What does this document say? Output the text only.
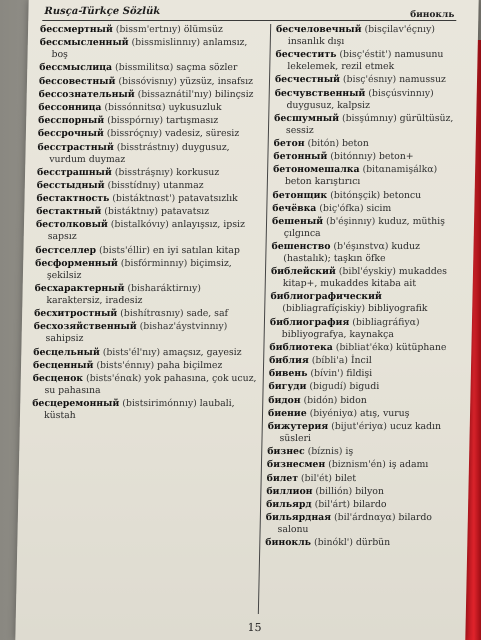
Rusça-Türkçe Sözlük	бинокль
бессмертный (bissm'ertnıy) ölümsüz
бессмысленный (bissmislinnıy) anlamsız, boş
бессмыслица (bissmilitsα) saçma sözler
бессовестный (bissóvisnıy) yüzsüz, insafsız
бессознательный (bissaznátil'nıy) bilinçsiz
бессонница (bissónnitsα) uykusuzluk
бесспорный (bisspórnıy) tartışmasız
бессрочный (bissróçnıy) vadesiz, süresiz
бесстрастный (bisstrástnıy) duygusuz, vurdum duymaz
бесстрашный (bisstráşnıy) korkusuz
бесстыдный (bisstídnıy) utanmaz
бестактность (bistáktnαst') patavatsızlık
бестактный (bistáktnıy) patavatsız
бестолковый (bistalkóvıy) anlayışsız, ipsiz sapsız
бестселлер (bists'éllir) en iyi satılan kitap
бесформенный (bisfórminnıy) biçimsiz, şekilsiz
бесхарактерный (bisharáktirnıy) karaktersiz, iradesiz
бесхитростный (bishítrαsnıy) sade, saf
бесхозяйственный (bishaz'áystvinnıy) sahipsiz
бесцельный (bists'él'nıy) amaçsız, gayesiz
бесценный (bists'énnıy) paha biçilmez
бесценок (bists'énαk) yok pahasına, çok ucuz, su pahasına
бесцеремонный (bistsirimónnıy) laubali, küstah
бесчеловечный (bisçilav'éçnıy) insanlık dışı
бесчестить (bisç'éstit') namusunu lekelemek, rezil etmek
бесчестный (bisç'ésnıy) namussuz
бесчувственный (bisçúsvinnıy) duygusuz, kalpsiz
бесшумный (bisşúmnıy) gürültüsüz, sessiz
бетон (bitón) beton
бетонный (bitónnıy) beton+
бетономешалка (bitαnamişálkα) beton karıştırıcı
бетонщик (bitónşçik) betoncu
бечёвка (biç'ófka) sicim
бешеный (b'éşinnıy) kuduz, müthiş çılgınca
бешенство (b'éşınstvα) kuduz (hastalık); taşkın öfke
библейский (bibl'éyskiy) mukaddes kitap+, mukaddes kitaba ait
библиографический (bibliagrafíçiskiy) bibliyografik
библиография (bibliagráfiyα) bibliyografya, kaynakça
библиотека (bibliat'ékα) kütüphane
библия (bíbli'a) İncil
бивень (bívin') fildişi
бигуди (bigudí) bigudi
бидон (bidón) bidon
биение (biyéniyα) atış, vuruş
бижутерия (bijut'ériyα) ucuz kadın süsleri
бизнес (bíznis) iş
бизнесмен (biznism'én) iş adamı
билет (bil'ét) bilet
биллион (billión) bilyon
бильярд (bil'árt) bilardo
бильярдная (bil'árdnαyα) bilardo salonu
бинокль (binókl') dürbün
15
